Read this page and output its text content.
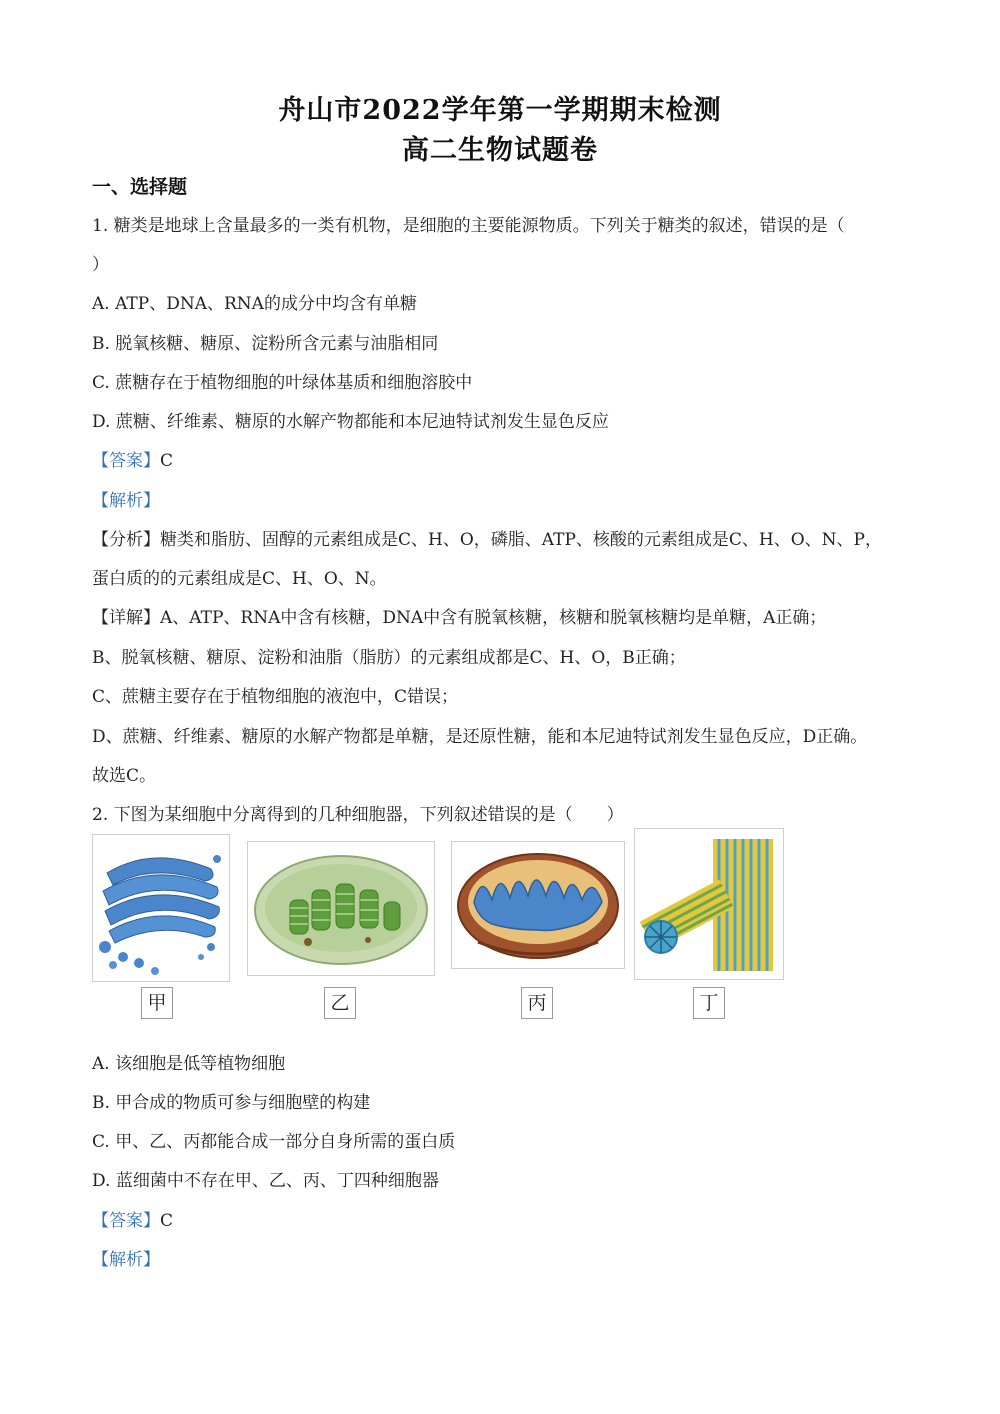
舟山市2022学年第一学期期末检测
高二生物试题卷
一、选择题
1. 糖类是地球上含量最多的一类有机物，是细胞的主要能源物质。下列关于糖类的叙述，错误的是（
）
A. ATP、DNA、RNA的成分中均含有单糖
B. 脱氧核糖、糖原、淀粉所含元素与油脂相同
C. 蔗糖存在于植物细胞的叶绿体基质和细胞溶胶中
D. 蔗糖、纤维素、糖原的水解产物都能和本尼迪特试剂发生显色反应
【答案】C
【解析】
【分析】糖类和脂肪、固醇的元素组成是C、H、O，磷脂、ATP、核酸的元素组成是C、H、O、N、P，
蛋白质的的元素组成是C、H、O、N。
【详解】A、ATP、RNA中含有核糖，DNA中含有脱氧核糖，核糖和脱氧核糖均是单糖，A正确；
B、脱氧核糖、糖原、淀粉和油脂（脂肪）的元素组成都是C、H、O，B正确；
C、蔗糖主要存在于植物细胞的液泡中，C错误；
D、蔗糖、纤维素、糖原的水解产物都是单糖，是还原性糖，能和本尼迪特试剂发生显色反应，D正确。
故选C。
2. 下图为某细胞中分离得到的几种细胞器，下列叙述错误的是（　　）
甲	乙	丙	丁
A. 该细胞是低等植物细胞
B. 甲合成的物质可参与细胞壁的构建
C. 甲、乙、丙都能合成一部分自身所需的蛋白质
D. 蓝细菌中不存在甲、乙、丙、丁四种细胞器
【答案】C
【解析】
